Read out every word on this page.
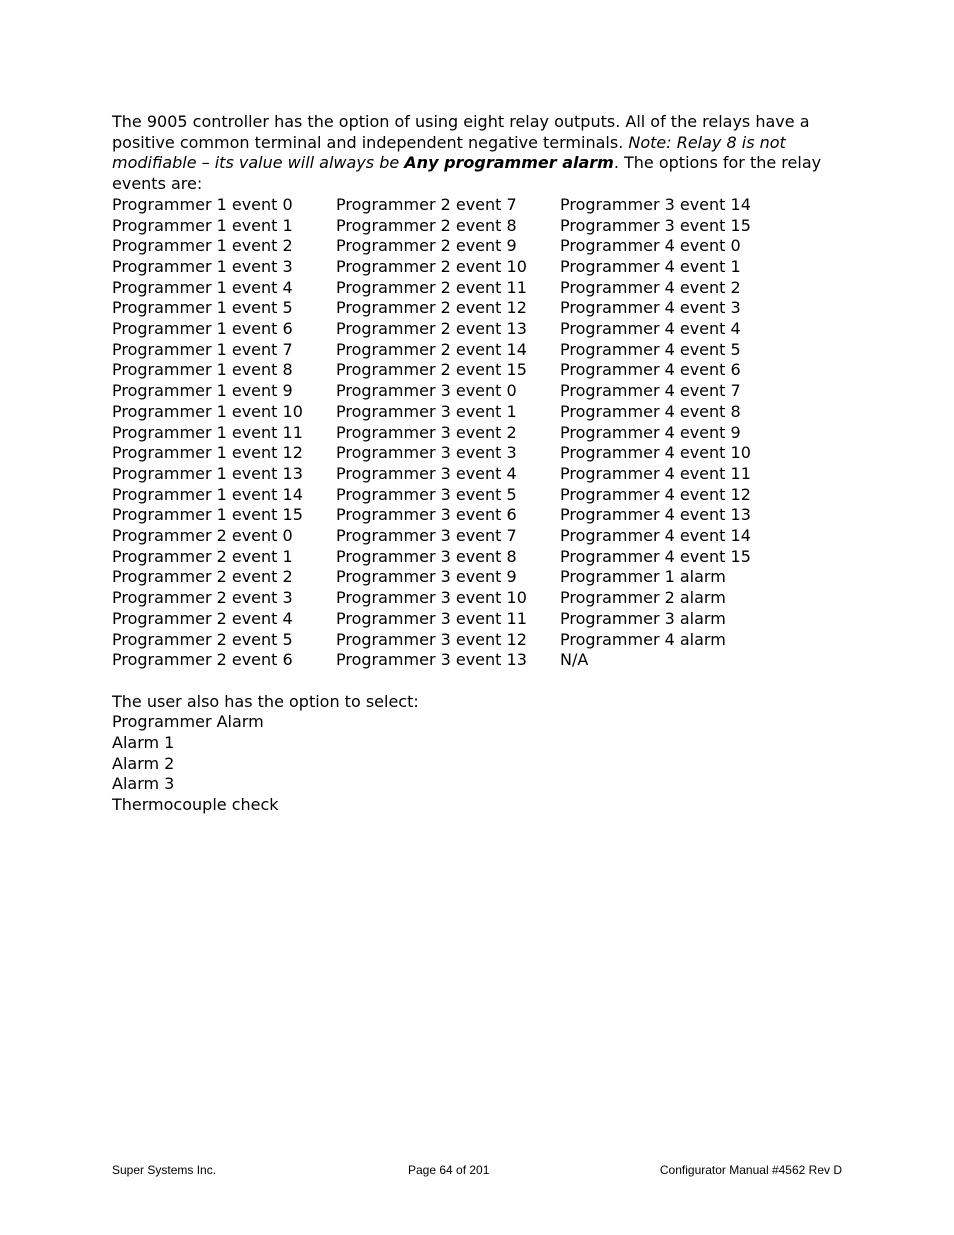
The 9005 controller has the option of using eight relay outputs. All of the relays have a positive common terminal and independent negative terminals. Note: Relay 8 is not modifiable – its value will always be Any programmer alarm. The options for the relay events are:

Programmer 1 event 0
Programmer 1 event 1
Programmer 1 event 2
Programmer 1 event 3
Programmer 1 event 4
Programmer 1 event 5
Programmer 1 event 6
Programmer 1 event 7
Programmer 1 event 8
Programmer 1 event 9
Programmer 1 event 10
Programmer 1 event 11
Programmer 1 event 12
Programmer 1 event 13
Programmer 1 event 14
Programmer 1 event 15
Programmer 2 event 0
Programmer 2 event 1
Programmer 2 event 2
Programmer 2 event 3
Programmer 2 event 4
Programmer 2 event 5
Programmer 2 event 6
Programmer 2 event 7
Programmer 2 event 8
Programmer 2 event 9
Programmer 2 event 10
Programmer 2 event 11
Programmer 2 event 12
Programmer 2 event 13
Programmer 2 event 14
Programmer 2 event 15
Programmer 3 event 0
Programmer 3 event 1
Programmer 3 event 2
Programmer 3 event 3
Programmer 3 event 4
Programmer 3 event 5
Programmer 3 event 6
Programmer 3 event 7
Programmer 3 event 8
Programmer 3 event 9
Programmer 3 event 10
Programmer 3 event 11
Programmer 3 event 12
Programmer 3 event 13
Programmer 3 event 14
Programmer 3 event 15
Programmer 4 event 0
Programmer 4 event 1
Programmer 4 event 2
Programmer 4 event 3
Programmer 4 event 4
Programmer 4 event 5
Programmer 4 event 6
Programmer 4 event 7
Programmer 4 event 8
Programmer 4 event 9
Programmer 4 event 10
Programmer 4 event 11
Programmer 4 event 12
Programmer 4 event 13
Programmer 4 event 14
Programmer 4 event 15
Programmer 1 alarm
Programmer 2 alarm
Programmer 3 alarm
Programmer 4 alarm
N/A
The user also has the option to select:
Programmer Alarm
Alarm 1
Alarm 2
Alarm 3
Thermocouple check
Super Systems Inc.	Page 64 of 201	Configurator Manual #4562 Rev D
